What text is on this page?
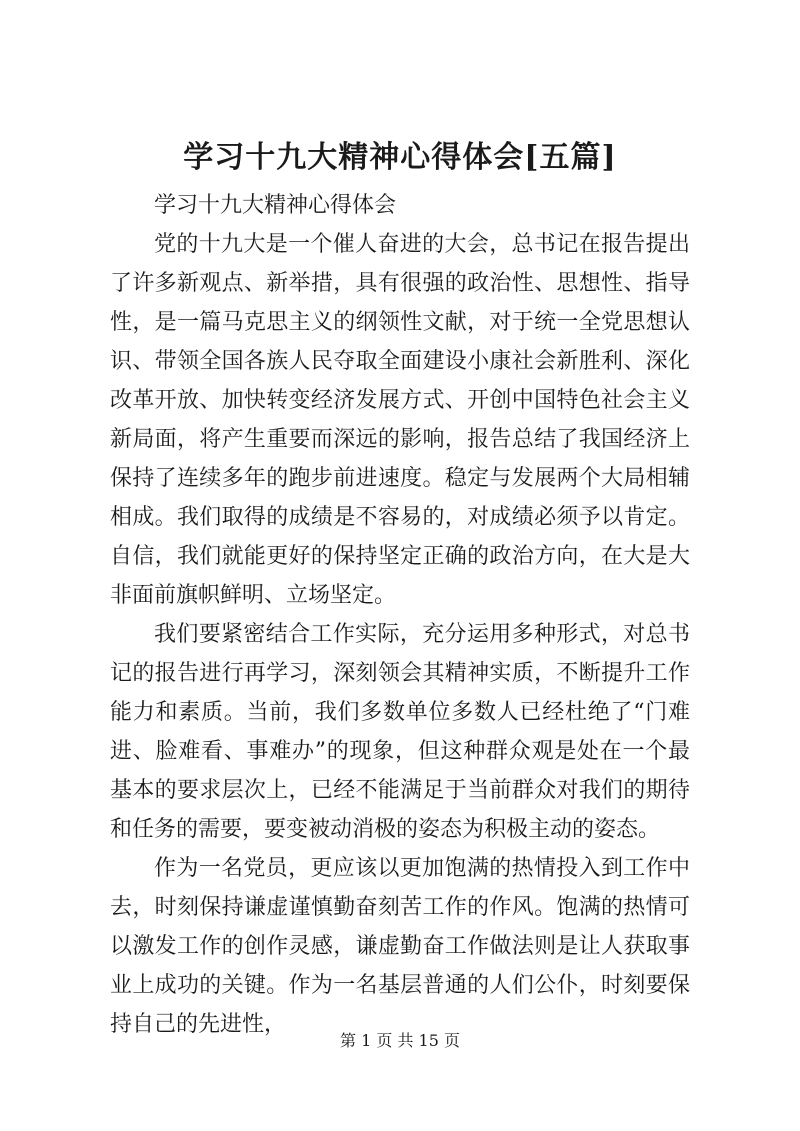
学习十九大精神心得体会[五篇]

学习十九大精神心得体会

党的十九大是一个催人奋进的大会，总书记在报告提出了许多新观点、新举措，具有很强的政治性、思想性、指导性，是一篇马克思主义的纲领性文献，对于统一全党思想认识、带领全国各族人民夺取全面建设小康社会新胜利、深化改革开放、加快转变经济发展方式、开创中国特色社会主义新局面，将产生重要而深远的影响，报告总结了我国经济上保持了连续多年的跑步前进速度。稳定与发展两个大局相辅相成。我们取得的成绩是不容易的，对成绩必须予以肯定。自信，我们就能更好的保持坚定正确的政治方向，在大是大非面前旗帜鲜明、立场坚定。

我们要紧密结合工作实际，充分运用多种形式，对总书记的报告进行再学习，深刻领会其精神实质，不断提升工作能力和素质。当前，我们多数单位多数人已经杜绝了“门难进、脸难看、事难办”的现象，但这种群众观是处在一个最基本的要求层次上，已经不能满足于当前群众对我们的期待和任务的需要，要变被动消极的姿态为积极主动的姿态。

作为一名党员，更应该以更加饱满的热情投入到工作中去，时刻保持谦虚谨慎勤奋刻苦工作的作风。饱满的热情可以激发工作的创作灵感，谦虚勤奋工作做法则是让人获取事业上成功的关键。作为一名基层普通的人们公仆，时刻要保持自己的先进性，

第 1 页 共 15 页
